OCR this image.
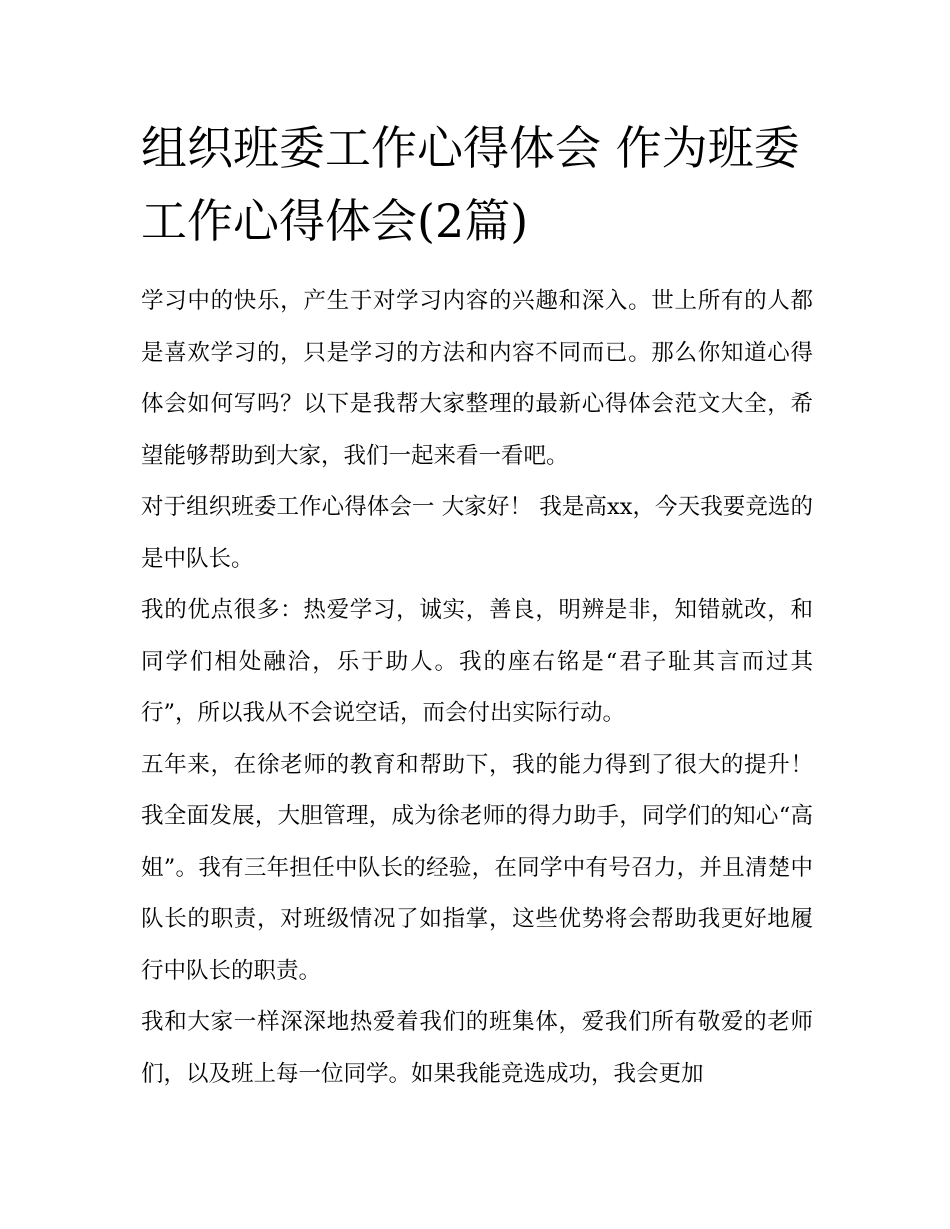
组织班委工作心得体会 作为班委工作心得体会(2篇)

学习中的快乐，产生于对学习内容的兴趣和深入。世上所有的人都是喜欢学习的，只是学习的方法和内容不同而已。那么你知道心得体会如何写吗？以下是我帮大家整理的最新心得体会范文大全，希望能够帮助到大家，我们一起来看一看吧。

对于组织班委工作心得体会一 大家好！ 我是高xx，今天我要竞选的是中队长。

我的优点很多：热爱学习，诚实，善良，明辨是非，知错就改，和同学们相处融洽，乐于助人。我的座右铭是“君子耻其言而过其行”，所以我从不会说空话，而会付出实际行动。

五年来，在徐老师的教育和帮助下，我的能力得到了很大的提升！我全面发展，大胆管理，成为徐老师的得力助手，同学们的知心“高姐”。我有三年担任中队长的经验，在同学中有号召力，并且清楚中队长的职责，对班级情况了如指掌，这些优势将会帮助我更好地履行中队长的职责。

我和大家一样深深地热爱着我们的班集体，爱我们所有敬爱的老师们，以及班上每一位同学。如果我能竞选成功，我会更加
